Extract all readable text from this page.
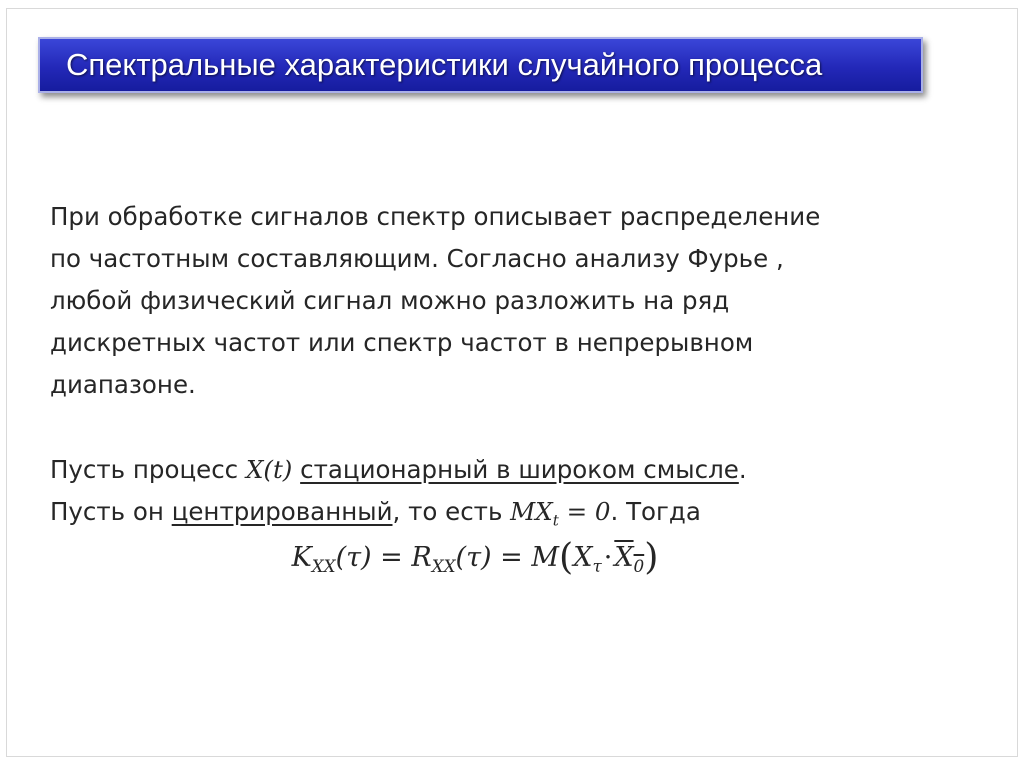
Спектральные характеристики случайного процесса

При обработке сигналов спектр описывает распределение
по частотным составляющим. Согласно анализу Фурье ,
любой физический сигнал можно разложить на ряд
дискретных частот или спектр частот в непрерывном
диапазоне.

Пусть процесс X(t) стационарный в широком смысле.
Пусть он центрированный, то есть $MX_t = 0$. Тогда

$K_{XX}(\tau) = R_{XX}(\tau) = M(X_\tau\cdot X_0)$
